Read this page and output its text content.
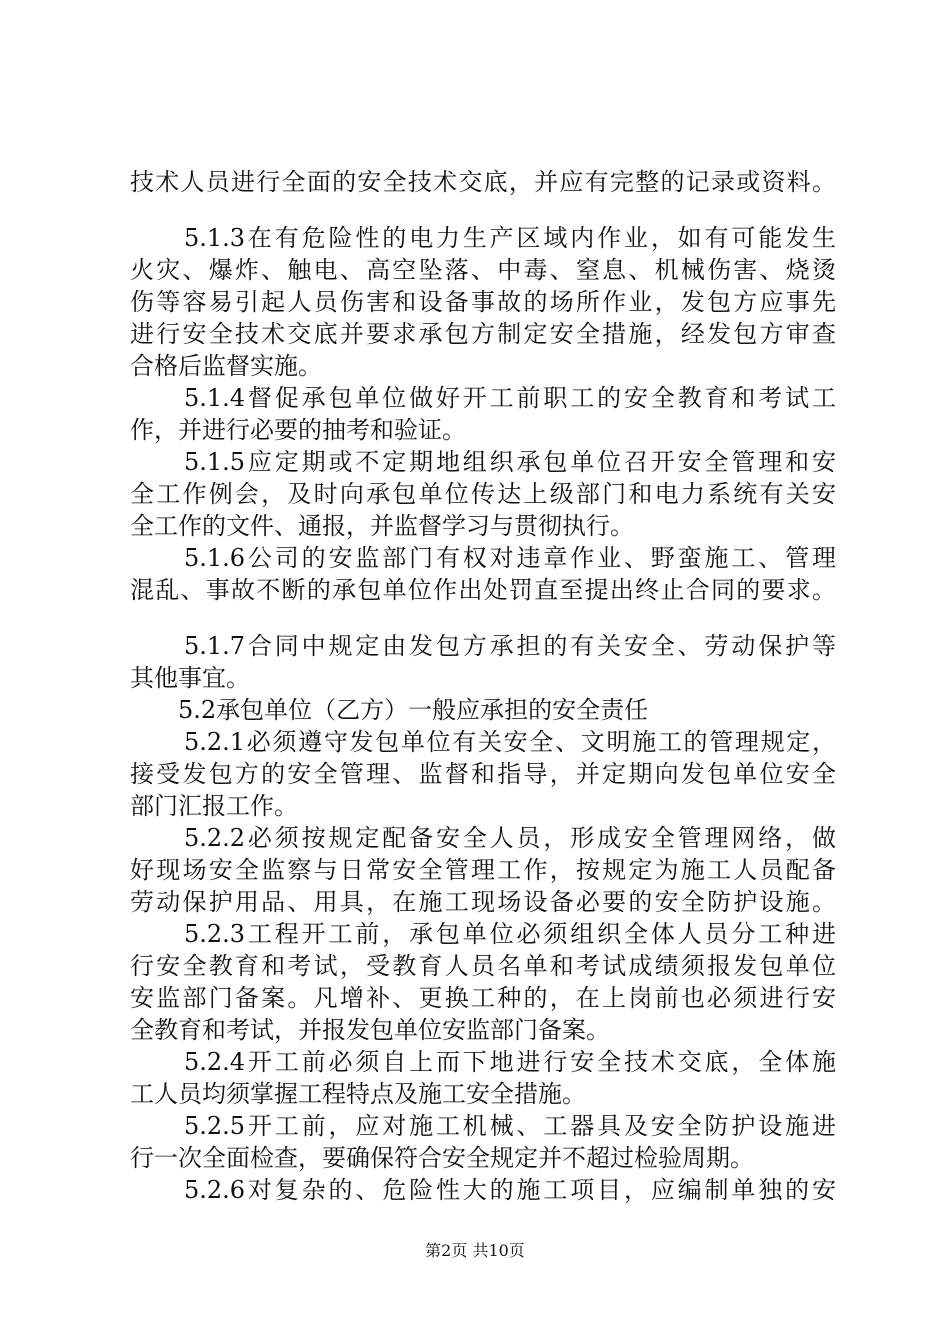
技术人员进行全面的安全技术交底，并应有完整的记录或资料。
5.1.3在有危险性的电力生产区域内作业，如有可能发生
火灾、爆炸、触电、高空坠落、中毒、窒息、机械伤害、烧烫
伤等容易引起人员伤害和设备事故的场所作业，发包方应事先
进行安全技术交底并要求承包方制定安全措施，经发包方审查
合格后监督实施。
5.1.4督促承包单位做好开工前职工的安全教育和考试工
作，并进行必要的抽考和验证。
5.1.5应定期或不定期地组织承包单位召开安全管理和安
全工作例会，及时向承包单位传达上级部门和电力系统有关安
全工作的文件、通报，并监督学习与贯彻执行。
5.1.6公司的安监部门有权对违章作业、野蛮施工、管理
混乱、事故不断的承包单位作出处罚直至提出终止合同的要求。
5.1.7合同中规定由发包方承担的有关安全、劳动保护等
其他事宜。
5.2承包单位（乙方）一般应承担的安全责任
5.2.1必须遵守发包单位有关安全、文明施工的管理规定，
接受发包方的安全管理、监督和指导，并定期向发包单位安全
部门汇报工作。
5.2.2必须按规定配备安全人员，形成安全管理网络，做
好现场安全监察与日常安全管理工作，按规定为施工人员配备
劳动保护用品、用具，在施工现场设备必要的安全防护设施。
5.2.3工程开工前，承包单位必须组织全体人员分工种进
行安全教育和考试，受教育人员名单和考试成绩须报发包单位
安监部门备案。凡增补、更换工种的，在上岗前也必须进行安
全教育和考试，并报发包单位安监部门备案。
5.2.4开工前必须自上而下地进行安全技术交底，全体施
工人员均须掌握工程特点及施工安全措施。
5.2.5开工前，应对施工机械、工器具及安全防护设施进
行一次全面检查，要确保符合安全规定并不超过检验周期。
5.2.6对复杂的、危险性大的施工项目，应编制单独的安
第2页 共10页
